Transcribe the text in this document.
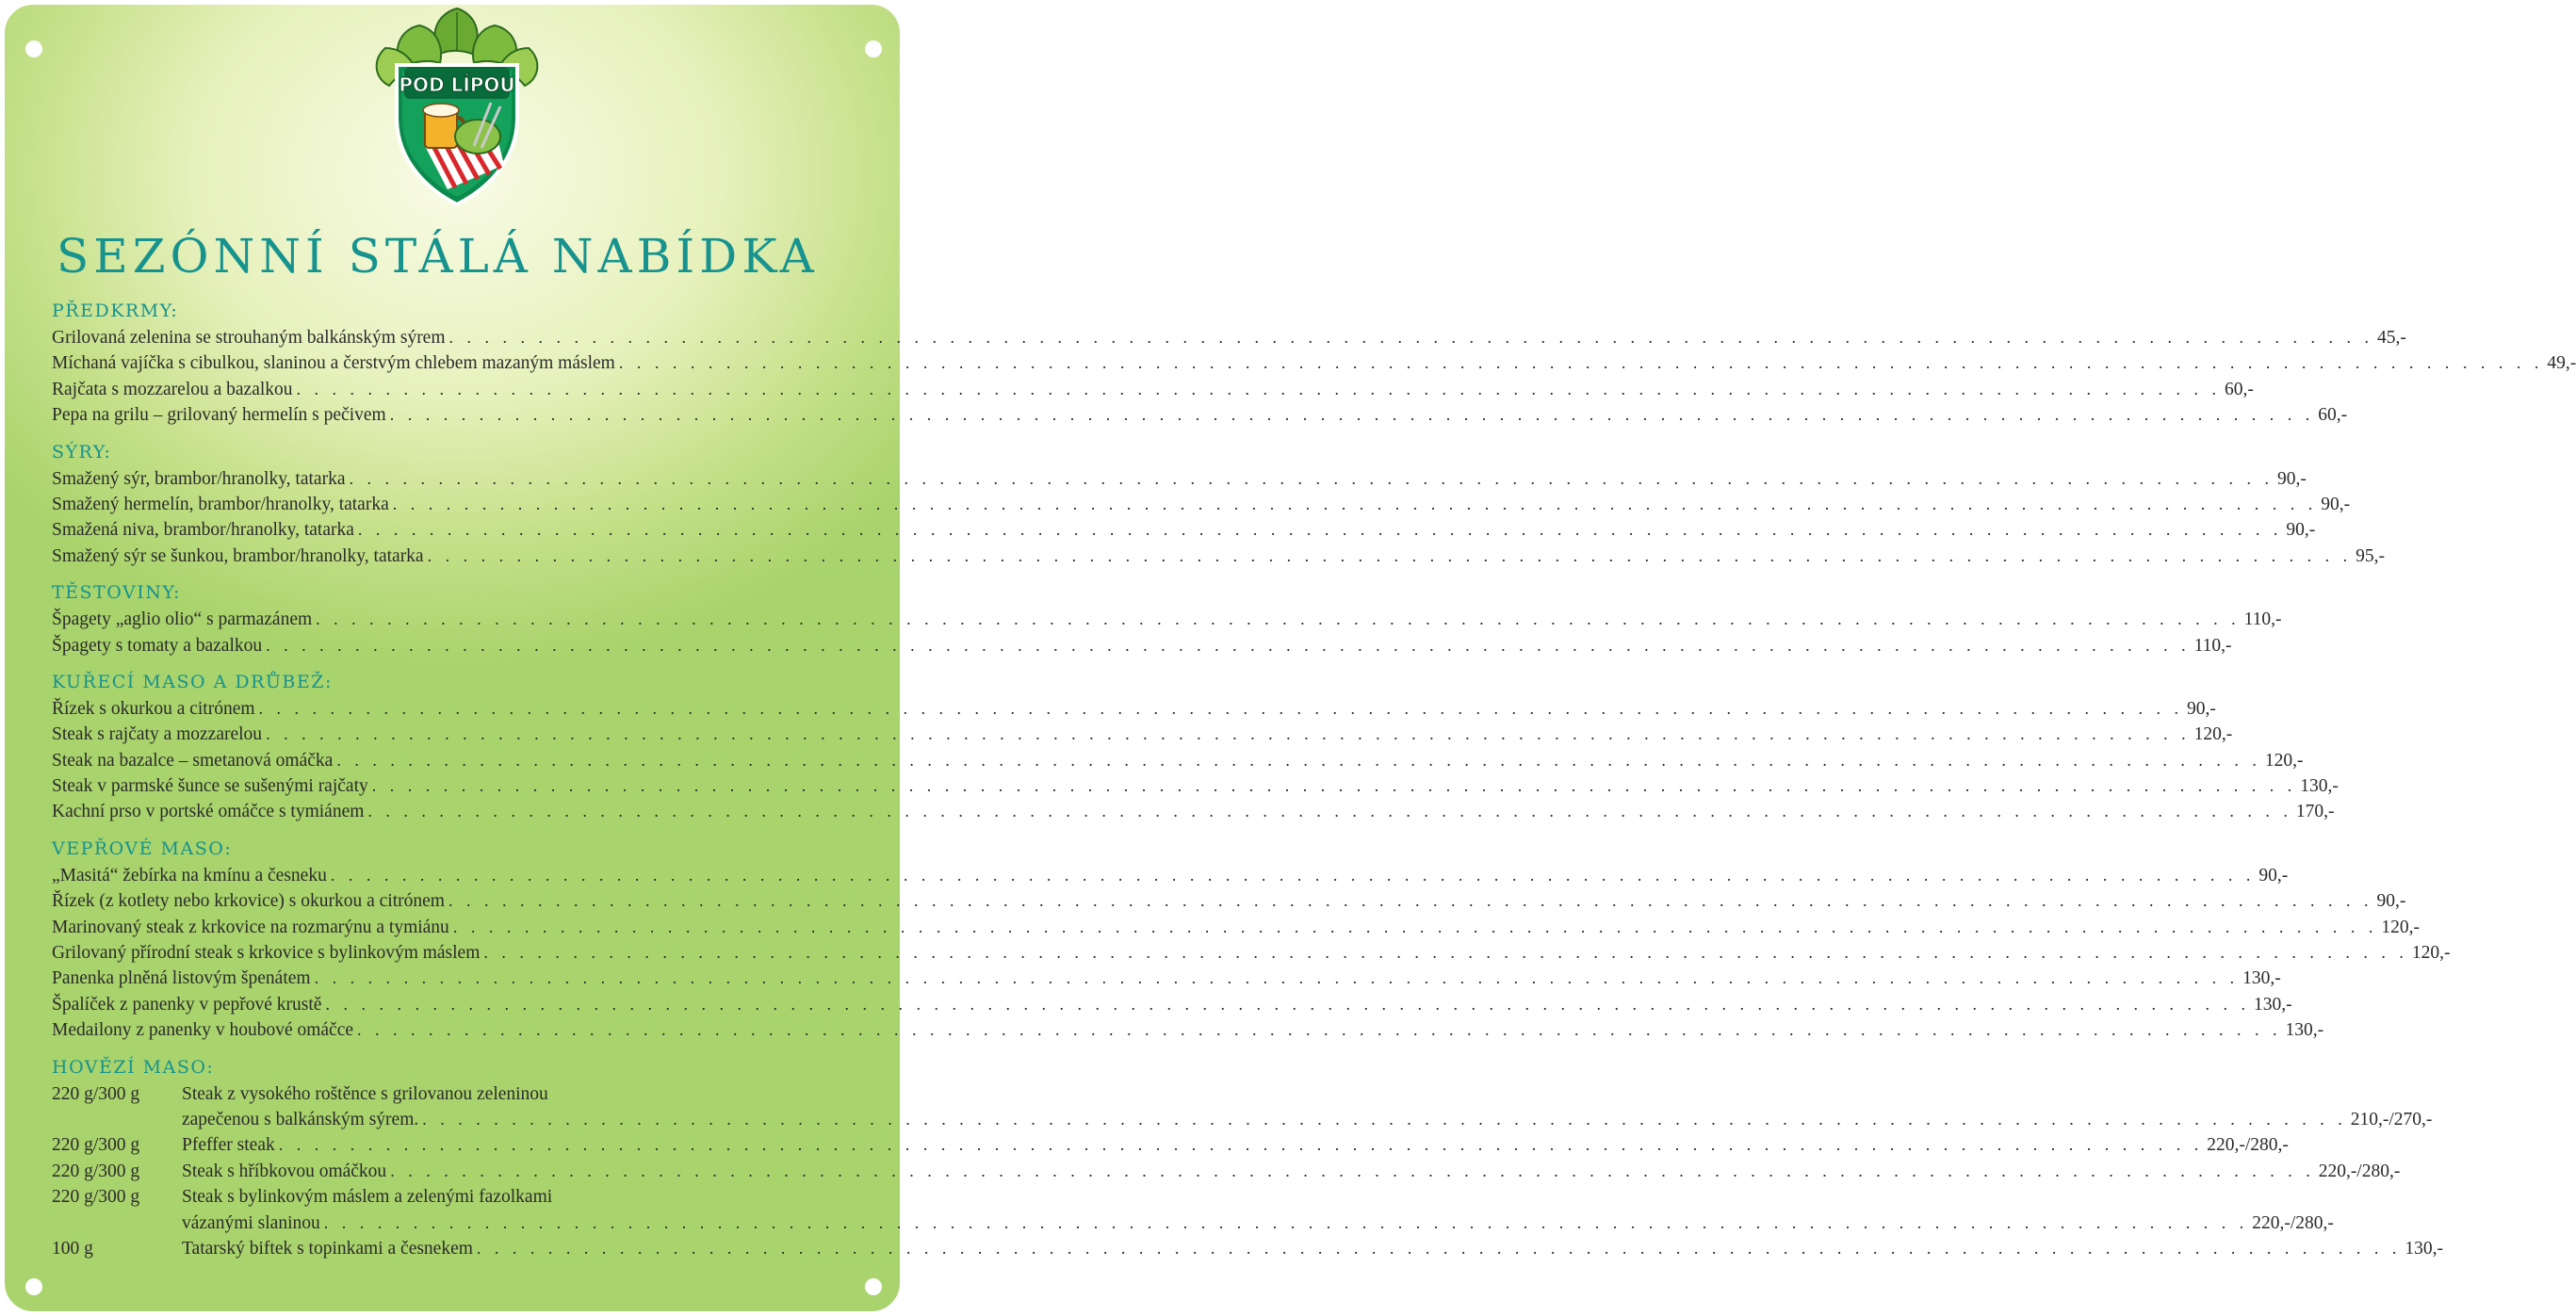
POD LÍPOU
SEZÓNNÍ STÁLÁ NABÍDKA
PŘEDKRMY:
Grilovaná zelenina se strouhaným balkánským sýrem . . . . . . . . . . . . . . . . . . . . . . . . . . . . . . . . . . . . . . . . . . . . . . . . . . . . . . . . . . . . . . . . . . . . . . . . . . . . . . . . . . . . . . . . . . . . . . . . . . . . . . . . . . . . 45,-
Míchaná vajíčka s cibulkou, slaninou a čerstvým chlebem mazaným máslem . . . . . . . . . . . . . . . . . . . . . . . . . . . . . . . . . . . . . . . . . . . . . . . . . . . . . . . . . . . . . . . . . . . . . . . . . . . . . . . . . . . . . . . . . . . . . . . . . . . . . . . . . . . . 49,-
Rajčata s mozzarelou a bazalkou . . . . . . . . . . . . . . . . . . . . . . . . . . . . . . . . . . . . . . . . . . . . . . . . . . . . . . . . . . . . . . . . . . . . . . . . . . . . . . . . . . . . . . . . . . . . . . . . . . . . . . . . . . . . 60,-
Pepa na grilu – grilovaný hermelín s pečivem . . . . . . . . . . . . . . . . . . . . . . . . . . . . . . . . . . . . . . . . . . . . . . . . . . . . . . . . . . . . . . . . . . . . . . . . . . . . . . . . . . . . . . . . . . . . . . . . . . . . . . . . . . . . 60,-
SÝRY:
Smažený sýr, brambor/hranolky, tatarka . . . . . . . . . . . . . . . . . . . . . . . . . . . . . . . . . . . . . . . . . . . . . . . . . . . . . . . . . . . . . . . . . . . . . . . . . . . . . . . . . . . . . . . . . . . . . . . . . . . . . . . . . . . . 90,-
Smažený hermelín, brambor/hranolky, tatarka . . . . . . . . . . . . . . . . . . . . . . . . . . . . . . . . . . . . . . . . . . . . . . . . . . . . . . . . . . . . . . . . . . . . . . . . . . . . . . . . . . . . . . . . . . . . . . . . . . . . . . . . . . . . 90,-
Smažená niva, brambor/hranolky, tatarka . . . . . . . . . . . . . . . . . . . . . . . . . . . . . . . . . . . . . . . . . . . . . . . . . . . . . . . . . . . . . . . . . . . . . . . . . . . . . . . . . . . . . . . . . . . . . . . . . . . . . . . . . . . . 90,-
Smažený sýr se šunkou, brambor/hranolky, tatarka . . . . . . . . . . . . . . . . . . . . . . . . . . . . . . . . . . . . . . . . . . . . . . . . . . . . . . . . . . . . . . . . . . . . . . . . . . . . . . . . . . . . . . . . . . . . . . . . . . . . . . . . . . . . 95,-
TĚSTOVINY:
Špagety „aglio olio“ s parmazánem . . . . . . . . . . . . . . . . . . . . . . . . . . . . . . . . . . . . . . . . . . . . . . . . . . . . . . . . . . . . . . . . . . . . . . . . . . . . . . . . . . . . . . . . . . . . . . . . . . . . . . . . . . . . 110,-
Špagety s tomaty a bazalkou . . . . . . . . . . . . . . . . . . . . . . . . . . . . . . . . . . . . . . . . . . . . . . . . . . . . . . . . . . . . . . . . . . . . . . . . . . . . . . . . . . . . . . . . . . . . . . . . . . . . . . . . . . . . 110,-
KUŘECÍ MASO A DRŮBEŽ:
Řízek s okurkou a citrónem . . . . . . . . . . . . . . . . . . . . . . . . . . . . . . . . . . . . . . . . . . . . . . . . . . . . . . . . . . . . . . . . . . . . . . . . . . . . . . . . . . . . . . . . . . . . . . . . . . . . . . . . . . . . 90,-
Steak s rajčaty a mozzarelou . . . . . . . . . . . . . . . . . . . . . . . . . . . . . . . . . . . . . . . . . . . . . . . . . . . . . . . . . . . . . . . . . . . . . . . . . . . . . . . . . . . . . . . . . . . . . . . . . . . . . . . . . . . . 120,-
Steak na bazalce – smetanová omáčka . . . . . . . . . . . . . . . . . . . . . . . . . . . . . . . . . . . . . . . . . . . . . . . . . . . . . . . . . . . . . . . . . . . . . . . . . . . . . . . . . . . . . . . . . . . . . . . . . . . . . . . . . . . . 120,-
Steak v parmské šunce se sušenými rajčaty . . . . . . . . . . . . . . . . . . . . . . . . . . . . . . . . . . . . . . . . . . . . . . . . . . . . . . . . . . . . . . . . . . . . . . . . . . . . . . . . . . . . . . . . . . . . . . . . . . . . . . . . . . . . 130,-
Kachní prso v portské omáčce s tymiánem . . . . . . . . . . . . . . . . . . . . . . . . . . . . . . . . . . . . . . . . . . . . . . . . . . . . . . . . . . . . . . . . . . . . . . . . . . . . . . . . . . . . . . . . . . . . . . . . . . . . . . . . . . . . 170,-
VEPŘOVÉ MASO:
„Masitá“ žebírka na kmínu a česneku . . . . . . . . . . . . . . . . . . . . . . . . . . . . . . . . . . . . . . . . . . . . . . . . . . . . . . . . . . . . . . . . . . . . . . . . . . . . . . . . . . . . . . . . . . . . . . . . . . . . . . . . . . . . 90,-
Řízek (z kotlety nebo krkovice) s okurkou a citrónem . . . . . . . . . . . . . . . . . . . . . . . . . . . . . . . . . . . . . . . . . . . . . . . . . . . . . . . . . . . . . . . . . . . . . . . . . . . . . . . . . . . . . . . . . . . . . . . . . . . . . . . . . . . . 90,-
Marinovaný steak z krkovice na rozmarýnu a tymiánu . . . . . . . . . . . . . . . . . . . . . . . . . . . . . . . . . . . . . . . . . . . . . . . . . . . . . . . . . . . . . . . . . . . . . . . . . . . . . . . . . . . . . . . . . . . . . . . . . . . . . . . . . . . . 120,-
Grilovaný přírodní steak s krkovice s bylinkovým máslem . . . . . . . . . . . . . . . . . . . . . . . . . . . . . . . . . . . . . . . . . . . . . . . . . . . . . . . . . . . . . . . . . . . . . . . . . . . . . . . . . . . . . . . . . . . . . . . . . . . . . . . . . . . . 120,-
Panenka plněná listovým špenátem . . . . . . . . . . . . . . . . . . . . . . . . . . . . . . . . . . . . . . . . . . . . . . . . . . . . . . . . . . . . . . . . . . . . . . . . . . . . . . . . . . . . . . . . . . . . . . . . . . . . . . . . . . . . 130,-
Špalíček z panenky v pepřové krustě . . . . . . . . . . . . . . . . . . . . . . . . . . . . . . . . . . . . . . . . . . . . . . . . . . . . . . . . . . . . . . . . . . . . . . . . . . . . . . . . . . . . . . . . . . . . . . . . . . . . . . . . . . . . 130,-
Medailony z panenky v houbové omáčce . . . . . . . . . . . . . . . . . . . . . . . . . . . . . . . . . . . . . . . . . . . . . . . . . . . . . . . . . . . . . . . . . . . . . . . . . . . . . . . . . . . . . . . . . . . . . . . . . . . . . . . . . . . . 130,-
HOVĚZÍ MASO:
220 g/300 g	Steak z vysokého roštěnce s grilovanou zeleninou
zapečenou s balkánským sýrem. . . . . . . . . . . . . . . . . . . . . . . . . . . . . . . . . . . . . . . . . . . . . . . . . . . . . . . . . . . . . . . . . . . . . . . . . . . . . . . . . . . . . . . . . . . . . . . . . . . . . . . . . . . . . 210,-/270,-
220 g/300 g	Pfeffer steak . . . . . . . . . . . . . . . . . . . . . . . . . . . . . . . . . . . . . . . . . . . . . . . . . . . . . . . . . . . . . . . . . . . . . . . . . . . . . . . . . . . . . . . . . . . . . . . . . . . . . . . . . . . . 220,-/280,-
220 g/300 g	Steak s hříbkovou omáčkou . . . . . . . . . . . . . . . . . . . . . . . . . . . . . . . . . . . . . . . . . . . . . . . . . . . . . . . . . . . . . . . . . . . . . . . . . . . . . . . . . . . . . . . . . . . . . . . . . . . . . . . . . . . . 220,-/280,-
220 g/300 g	Steak s bylinkovým máslem a zelenými fazolkami
vázanými slaninou . . . . . . . . . . . . . . . . . . . . . . . . . . . . . . . . . . . . . . . . . . . . . . . . . . . . . . . . . . . . . . . . . . . . . . . . . . . . . . . . . . . . . . . . . . . . . . . . . . . . . . . . . . . . 220,-/280,-
100 g	Tatarský biftek s topinkami a česnekem . . . . . . . . . . . . . . . . . . . . . . . . . . . . . . . . . . . . . . . . . . . . . . . . . . . . . . . . . . . . . . . . . . . . . . . . . . . . . . . . . . . . . . . . . . . . . . . . . . . . . . . . . . . . 130,-
